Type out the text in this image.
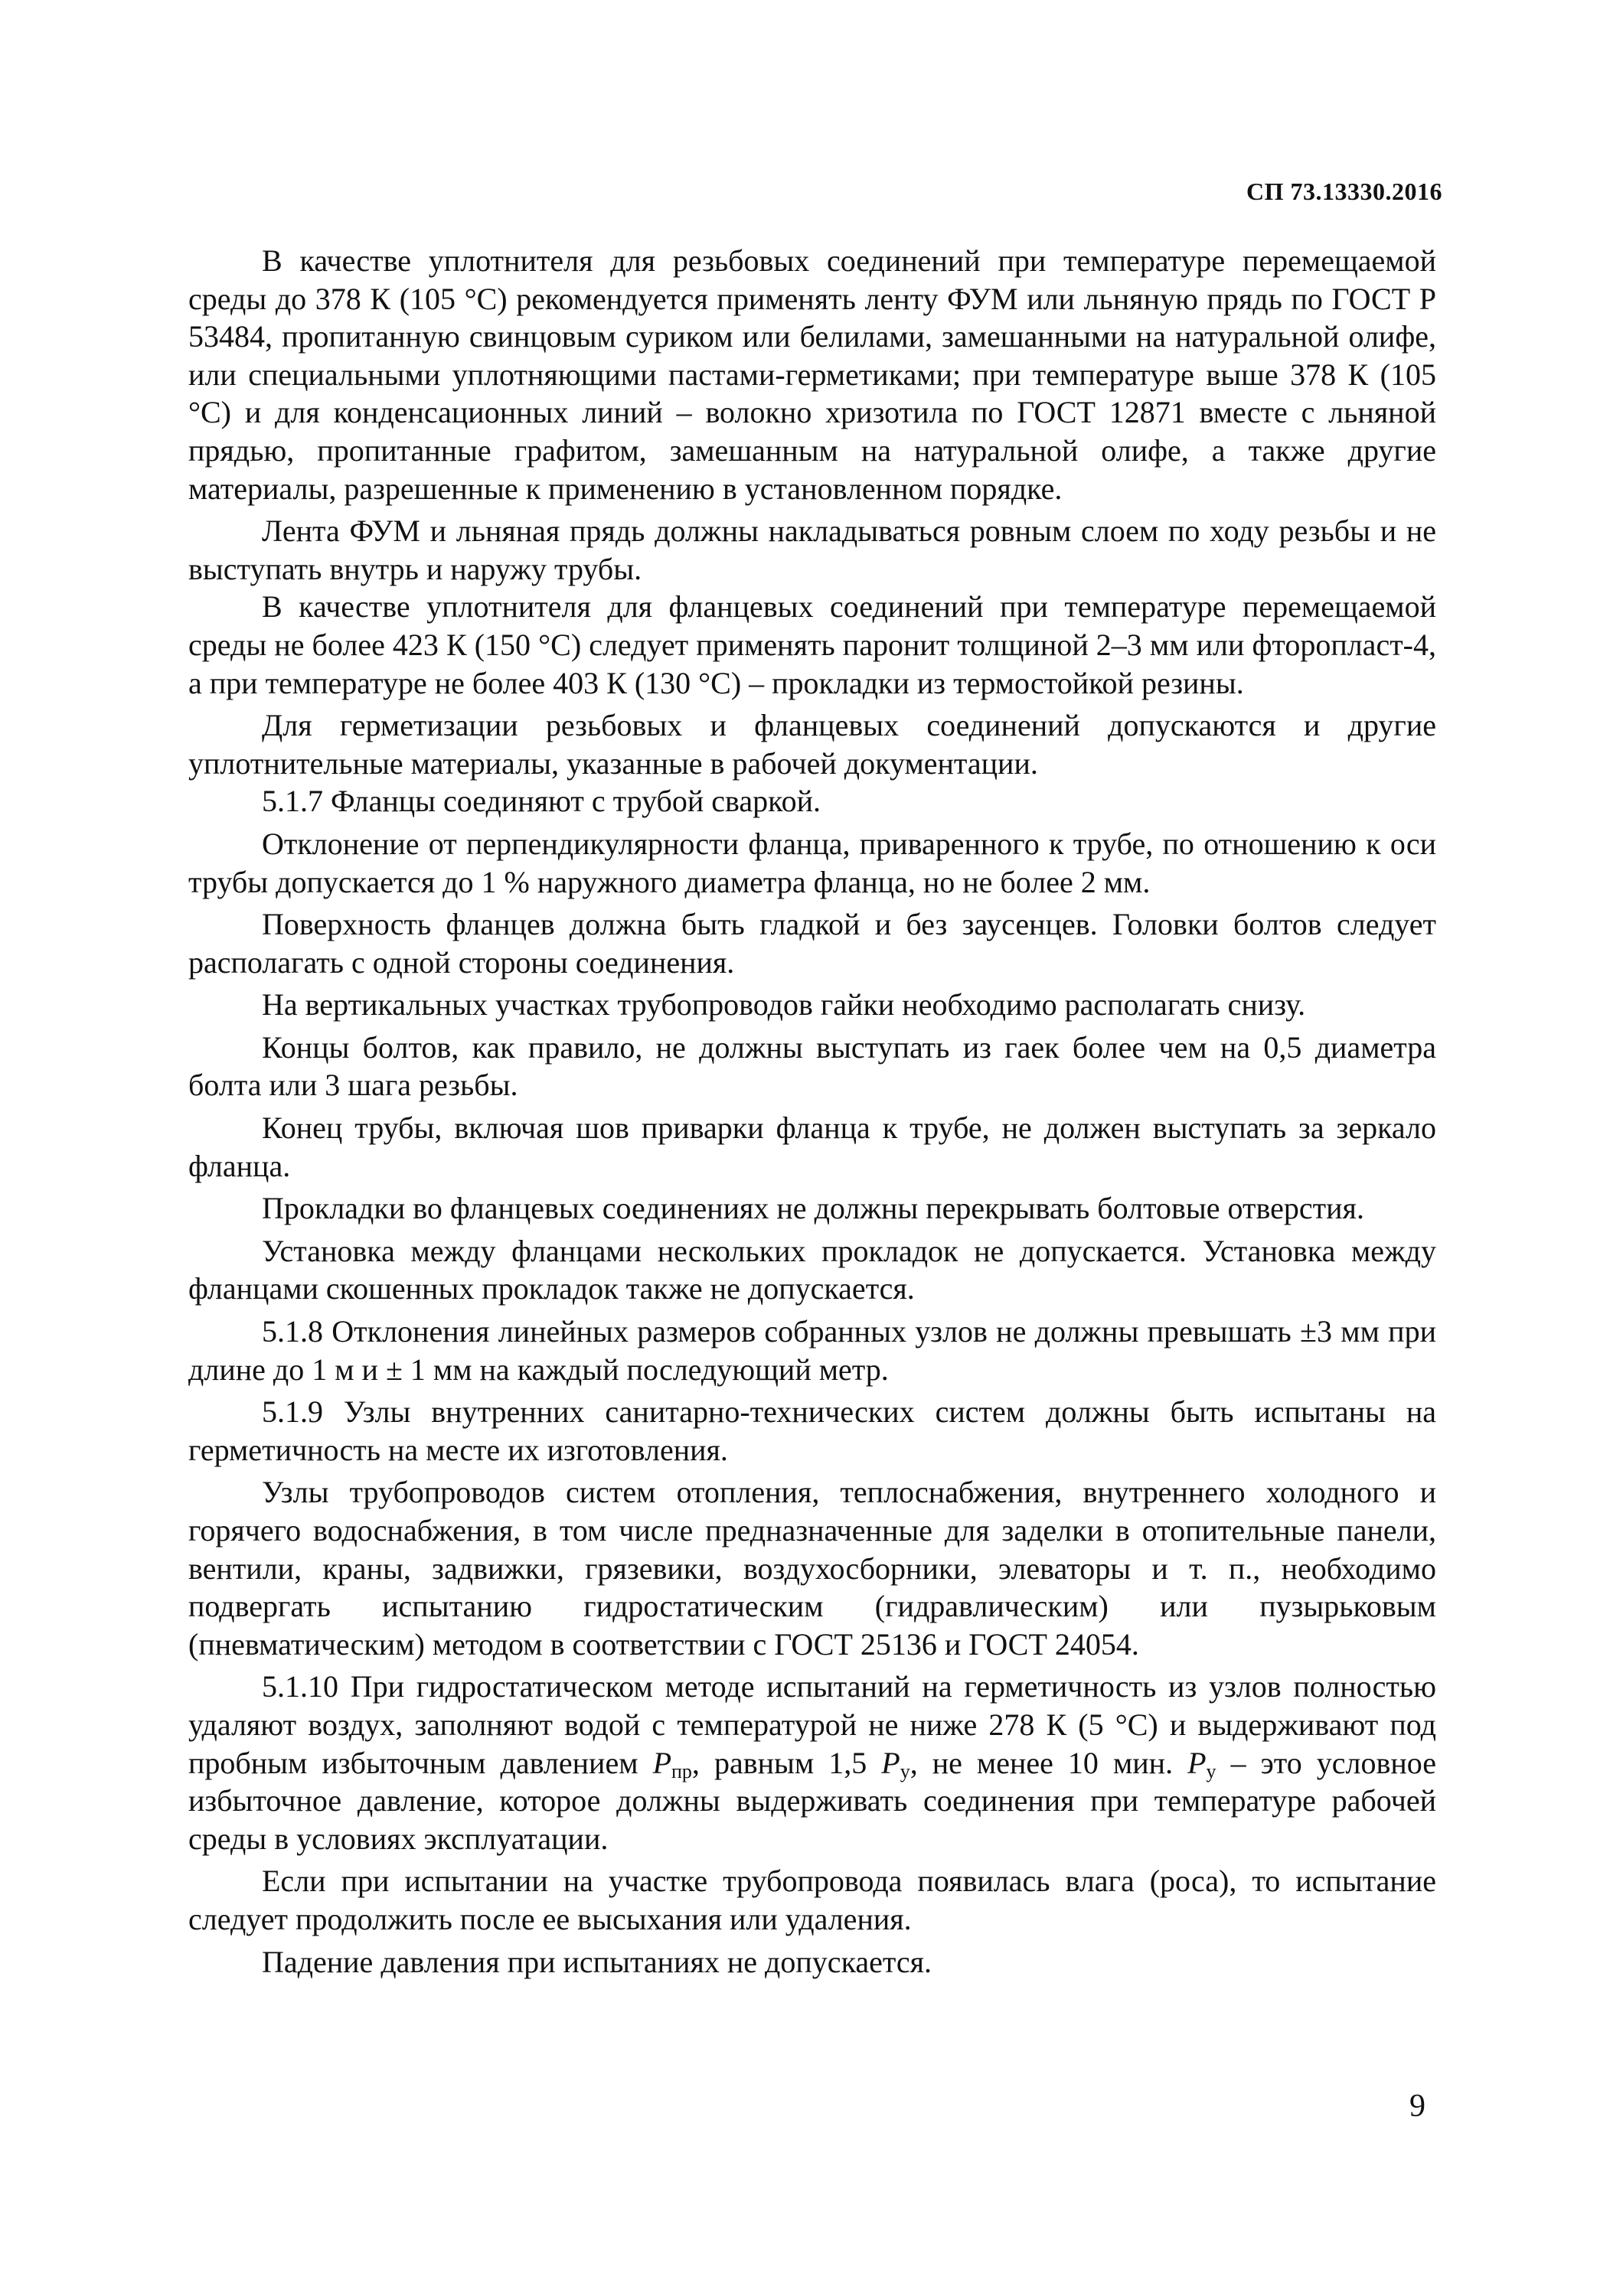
СП 73.13330.2016

В качестве уплотнителя для резьбовых соединений при температуре перемещаемой среды до 378 К (105 °С) рекомендуется применять ленту ФУМ или льняную прядь по ГОСТ Р 53484, пропитанную свинцовым суриком или белилами, замешанными на натуральной олифе, или специальными уплотняющими пастами-герметиками; при температуре выше 378 К (105 °С) и для конденсационных линий – волокно хризотила по ГОСТ 12871 вместе с льняной прядью, пропитанные графитом, замешанным на натуральной олифе, а также другие материалы, разрешенные к применению в установленном порядке.

Лента ФУМ и льняная прядь должны накладываться ровным слоем по ходу резьбы и не выступать внутрь и наружу трубы.

В качестве уплотнителя для фланцевых соединений при температуре перемещаемой среды не более 423 К (150 °С) следует применять паронит толщиной 2–3 мм или фторопласт-4, а при температуре не более 403 К (130 °С) – прокладки из термостойкой резины.

Для герметизации резьбовых и фланцевых соединений допускаются и другие уплотнительные материалы, указанные в рабочей документации.

5.1.7 Фланцы соединяют с трубой сваркой.

Отклонение от перпендикулярности фланца, приваренного к трубе, по отношению к оси трубы допускается до 1 % наружного диаметра фланца, но не более 2 мм.

Поверхность фланцев должна быть гладкой и без заусенцев. Головки болтов следует располагать с одной стороны соединения.

На вертикальных участках трубопроводов гайки необходимо располагать снизу.

Концы болтов, как правило, не должны выступать из гаек более чем на 0,5 диаметра болта или 3 шага резьбы.

Конец трубы, включая шов приварки фланца к трубе, не должен выступать за зеркало фланца.

Прокладки во фланцевых соединениях не должны перекрывать болтовые отверстия.

Установка между фланцами нескольких прокладок не допускается. Установка между фланцами скошенных прокладок также не допускается.

5.1.8 Отклонения линейных размеров собранных узлов не должны превышать ±3 мм при длине до 1 м и ± 1 мм на каждый последующий метр.

5.1.9 Узлы внутренних санитарно-технических систем должны быть испытаны на герметичность на месте их изготовления.

Узлы трубопроводов систем отопления, теплоснабжения, внутреннего холодного и горячего водоснабжения, в том числе предназначенные для заделки в отопительные панели, вентили, краны, задвижки, грязевики, воздухосборники, элеваторы и т. п., необходимо подвергать испытанию гидростатическим (гидравлическим) или пузырьковым (пневматическим) методом в соответствии с ГОСТ 25136 и ГОСТ 24054.

5.1.10 При гидростатическом методе испытаний на герметичность из узлов полностью удаляют воздух, заполняют водой с температурой не ниже 278 К (5 °С) и выдерживают под пробным избыточным давлением $P_{пр}$, равным 1,5 $P_у$, не менее 10 мин. $P_у$ – это условное избыточное давление, которое должны выдерживать соединения при температуре рабочей среды в условиях эксплуатации.

Если при испытании на участке трубопровода появилась влага (роса), то испытание следует продолжить после ее высыхания или удаления.

Падение давления при испытаниях не допускается.

9
